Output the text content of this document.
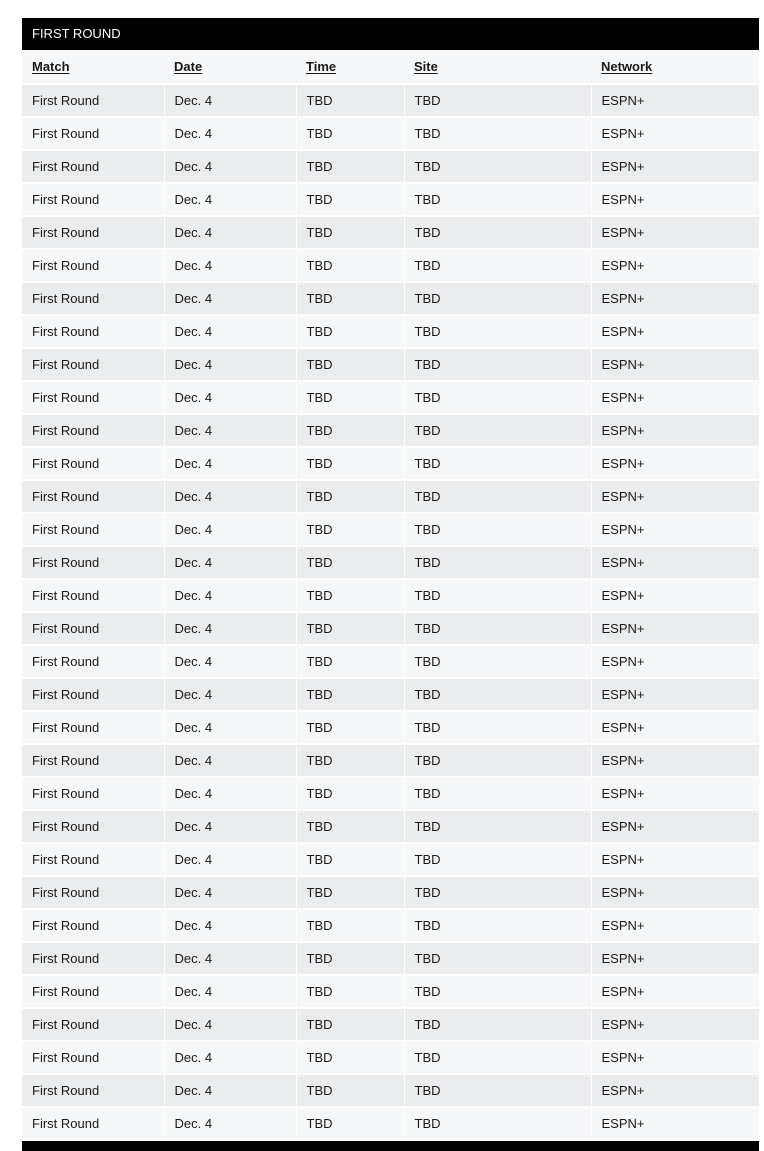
FIRST ROUND
Match	Date	Time	Site	Network
First Round	Dec. 4	TBD	TBD	ESPN+
First Round	Dec. 4	TBD	TBD	ESPN+
First Round	Dec. 4	TBD	TBD	ESPN+
First Round	Dec. 4	TBD	TBD	ESPN+
First Round	Dec. 4	TBD	TBD	ESPN+
First Round	Dec. 4	TBD	TBD	ESPN+
First Round	Dec. 4	TBD	TBD	ESPN+
First Round	Dec. 4	TBD	TBD	ESPN+
First Round	Dec. 4	TBD	TBD	ESPN+
First Round	Dec. 4	TBD	TBD	ESPN+
First Round	Dec. 4	TBD	TBD	ESPN+
First Round	Dec. 4	TBD	TBD	ESPN+
First Round	Dec. 4	TBD	TBD	ESPN+
First Round	Dec. 4	TBD	TBD	ESPN+
First Round	Dec. 4	TBD	TBD	ESPN+
First Round	Dec. 4	TBD	TBD	ESPN+
First Round	Dec. 4	TBD	TBD	ESPN+
First Round	Dec. 4	TBD	TBD	ESPN+
First Round	Dec. 4	TBD	TBD	ESPN+
First Round	Dec. 4	TBD	TBD	ESPN+
First Round	Dec. 4	TBD	TBD	ESPN+
First Round	Dec. 4	TBD	TBD	ESPN+
First Round	Dec. 4	TBD	TBD	ESPN+
First Round	Dec. 4	TBD	TBD	ESPN+
First Round	Dec. 4	TBD	TBD	ESPN+
First Round	Dec. 4	TBD	TBD	ESPN+
First Round	Dec. 4	TBD	TBD	ESPN+
First Round	Dec. 4	TBD	TBD	ESPN+
First Round	Dec. 4	TBD	TBD	ESPN+
First Round	Dec. 4	TBD	TBD	ESPN+
First Round	Dec. 4	TBD	TBD	ESPN+
First Round	Dec. 4	TBD	TBD	ESPN+
